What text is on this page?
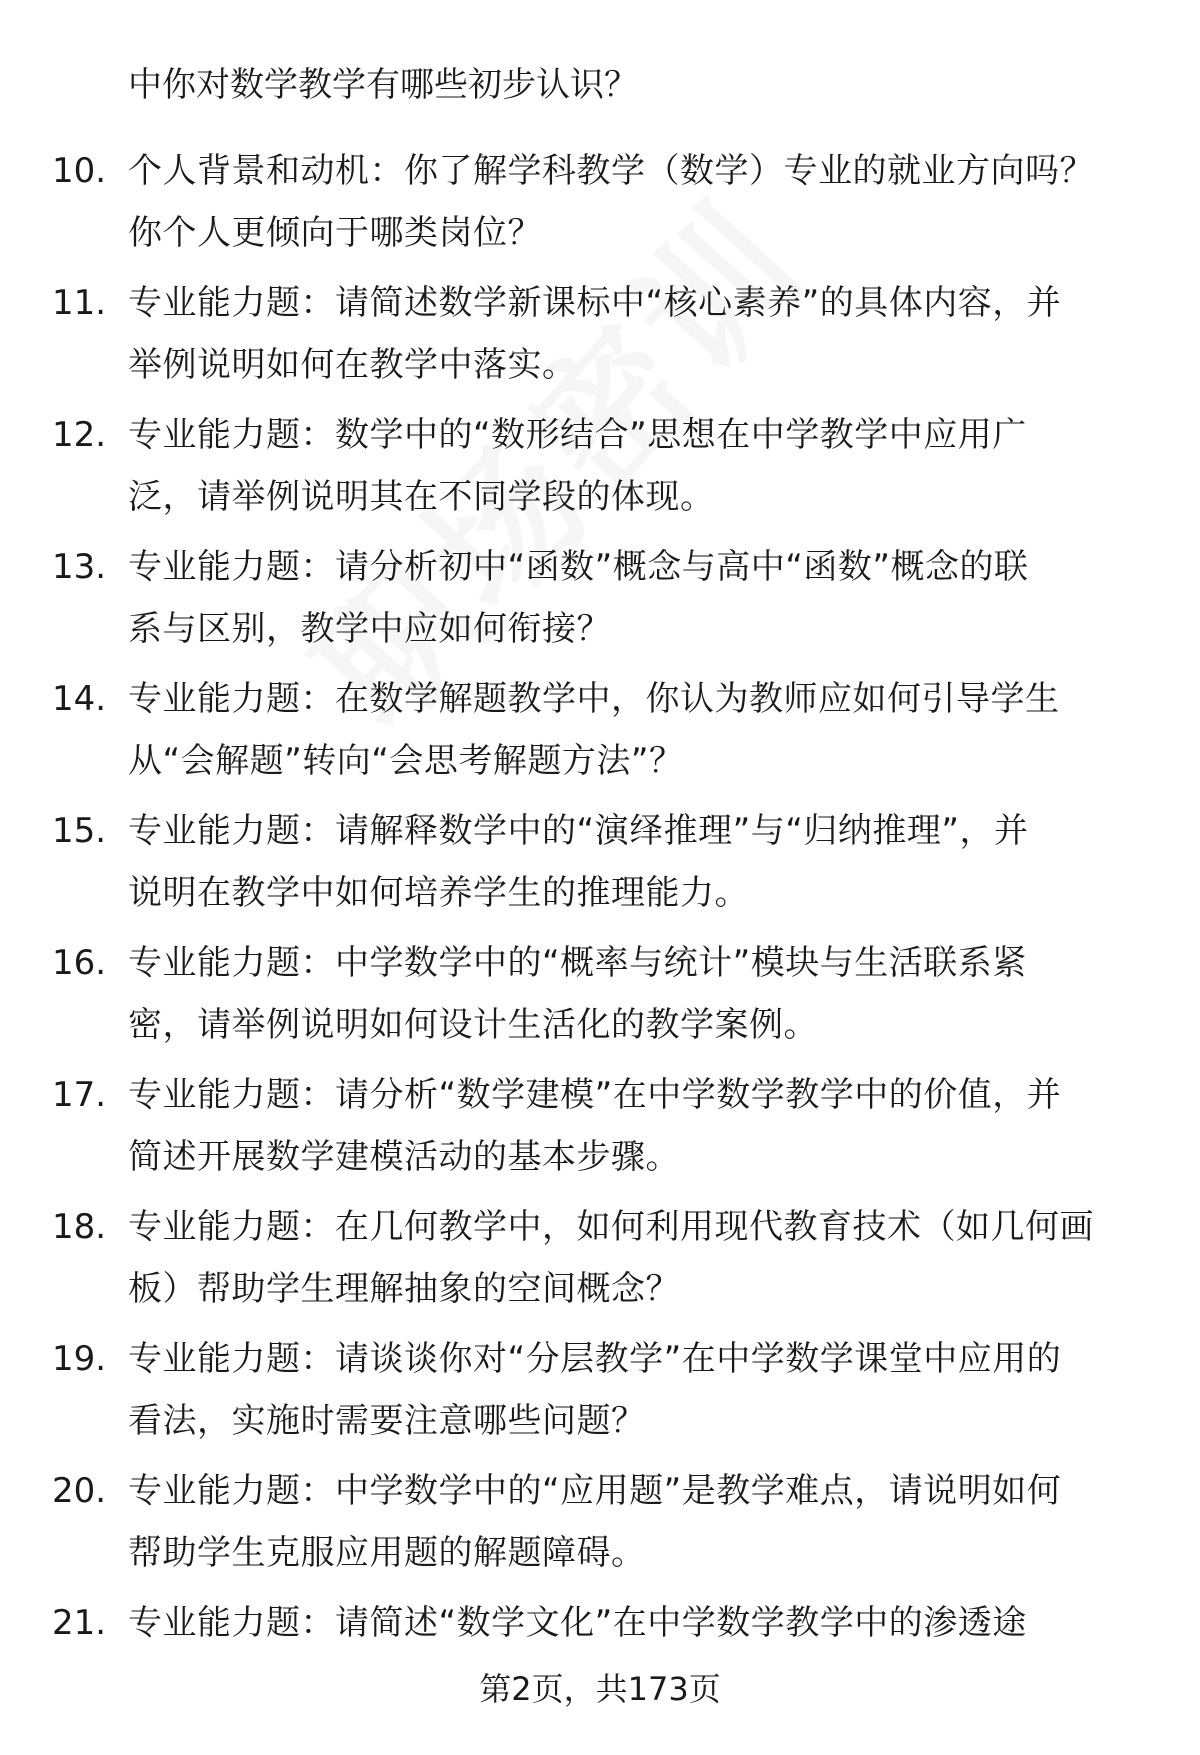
中你对数学教学有哪些初步认识？
10. 个人背景和动机：你了解学科教学（数学）专业的就业方向吗？
你个人更倾向于哪类岗位？
11. 专业能力题：请简述数学新课标中“核心素养”的具体内容，并
举例说明如何在教学中落实。
12. 专业能力题：数学中的“数形结合”思想在中学教学中应用广
泛，请举例说明其在不同学段的体现。
13. 专业能力题：请分析初中“函数”概念与高中“函数”概念的联
系与区别，教学中应如何衔接？
14. 专业能力题：在数学解题教学中，你认为教师应如何引导学生
从“会解题”转向“会思考解题方法”？
15. 专业能力题：请解释数学中的“演绎推理”与“归纳推理”，并
说明在教学中如何培养学生的推理能力。
16. 专业能力题：中学数学中的“概率与统计”模块与生活联系紧
密，请举例说明如何设计生活化的教学案例。
17. 专业能力题：请分析“数学建模”在中学数学教学中的价值，并
简述开展数学建模活动的基本步骤。
18. 专业能力题：在几何教学中，如何利用现代教育技术（如几何画
板）帮助学生理解抽象的空间概念？
19. 专业能力题：请谈谈你对“分层教学”在中学数学课堂中应用的
看法，实施时需要注意哪些问题？
20. 专业能力题：中学数学中的“应用题”是教学难点，请说明如何
帮助学生克服应用题的解题障碍。
21. 专业能力题：请简述“数学文化”在中学数学教学中的渗透途
第2页，共173页
